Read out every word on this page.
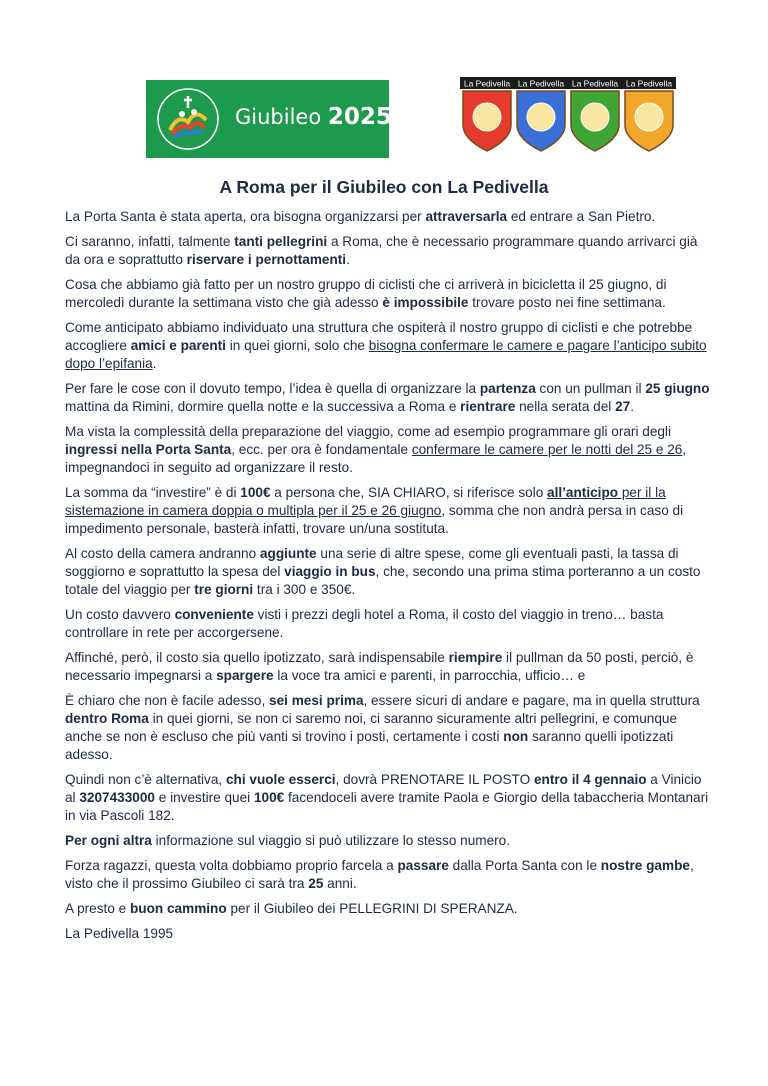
Giubileo 2025
La Pedivella La Pedivella La Pedivella La Pedivella
A Roma per il Giubileo con La Pedivella

La Porta Santa è stata aperta, ora bisogna organizzarsi per attraversarla ed entrare a San Pietro.

Ci saranno, infatti, talmente tanti pellegrini a Roma, che è necessario programmare quando arrivarci già da ora e soprattutto riservare i pernottamenti.

Cosa che abbiamo già fatto per un nostro gruppo di ciclisti che ci arriverà in bicicletta il 25 giugno, di mercoledì durante la settimana visto che già adesso è impossibile trovare posto nei fine settimana.

Come anticipato abbiamo individuato una struttura che ospiterà il nostro gruppo di ciclisti e che potrebbe accogliere amici e parenti in quei giorni, solo che bisogna confermare le camere e pagare l’anticipo subito dopo l’epifania.

Per fare le cose con il dovuto tempo, l’idea è quella di organizzare la partenza con un pullman il 25 giugno mattina da Rimini, dormire quella notte e la successiva a Roma e rientrare nella serata del 27.

Ma vista la complessità della preparazione del viaggio, come ad esempio programmare gli orari degli ingressi nella Porta Santa, ecc. per ora è fondamentale confermare le camere per le notti del 25 e 26, impegnandoci in seguito ad organizzare il resto.

La somma da “investire” è di 100€ a persona che, SIA CHIARO, si riferisce solo all’anticipo per il la sistemazione in camera doppia o multipla per il 25 e 26 giugno, somma che non andrà persa in caso di impedimento personale, basterà infatti, trovare un/una sostituta.

Al costo della camera andranno aggiunte una serie di altre spese, come gli eventuali pasti, la tassa di soggiorno e soprattutto la spesa del viaggio in bus, che, secondo una prima stima porteranno a un costo totale del viaggio per tre giorni tra i 300 e 350€.

Un costo davvero conveniente visti i prezzi degli hotel a Roma, il costo del viaggio in treno… basta controllare in rete per accorgersene.

Affinché, però, il costo sia quello ipotizzato, sarà indispensabile riempire il pullman da 50 posti, perciò, è necessario impegnarsi a spargere la voce tra amici e parenti, in parrocchia, ufficio… e

È chiaro che non è facile adesso, sei mesi prima, essere sicuri di andare e pagare, ma in quella struttura dentro Roma in quei giorni, se non ci saremo noi, ci saranno sicuramente altri pellegrini, e comunque anche se non è escluso che più vanti si trovino i posti, certamente i costi non saranno quelli ipotizzati adesso.

Quindi non c’è alternativa, chi vuole esserci, dovrà PRENOTARE IL POSTO entro il 4 gennaio a Vinicio al 3207433000 e investire quei 100€ facendoceli avere tramite Paola e Giorgio della tabaccheria Montanari in via Pascoli 182.

Per ogni altra informazione sul viaggio si può utilizzare lo stesso numero.

Forza ragazzi, questa volta dobbiamo proprio farcela a passare dalla Porta Santa con le nostre gambe, visto che il prossimo Giubileo ci sarà tra 25 anni.

A presto e buon cammino per il Giubileo dei PELLEGRINI DI SPERANZA.

La Pedivella 1995
